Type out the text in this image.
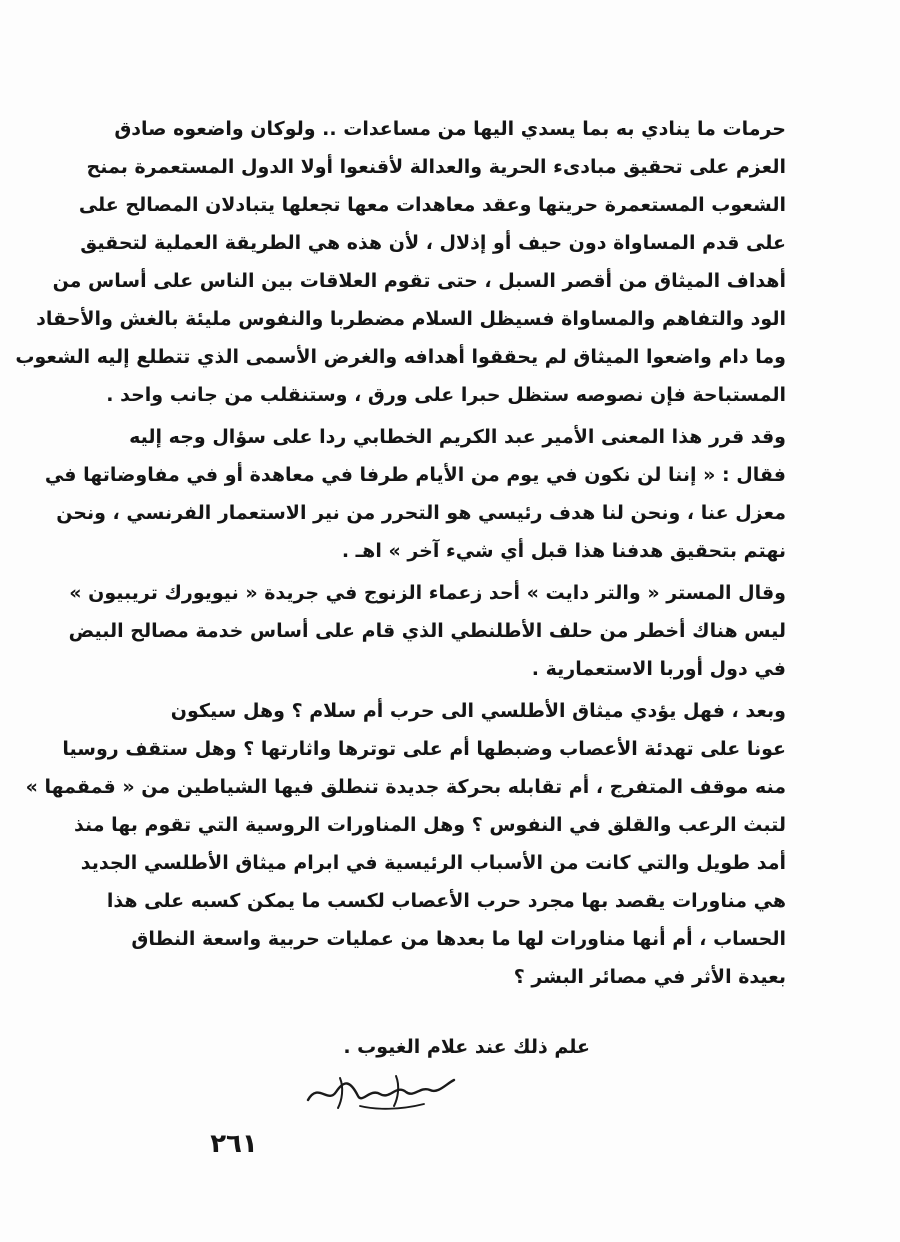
حرمات ما ينادي به بما يسدي اليها من مساعدات .. ولوكان واضعوه صادق
العزم على تحقيق مبادىء الحرية والعدالة لأقنعوا أولا الدول المستعمرة بمنح
الشعوب المستعمرة حريتها وعقد معاهدات معها تجعلها يتبادلان المصالح على
على قدم المساواة دون حيف أو إذلال ، لأن هذه هي الطريقة العملية لتحقيق
أهداف الميثاق من أقصر السبل ، حتى تقوم العلاقات بين الناس على أساس من
الود والتفاهم والمساواة فسيظل السلام مضطربا والنفوس مليئة بالغش والأحقاد
وما دام واضعوا الميثاق لم يحققوا أهدافه والغرض الأسمى الذي تتطلع إليه الشعوب
المستباحة فإن نصوصه ستظل حبرا على ورق ، وستنقلب من جانب واحد .
وقد قرر هذا المعنى الأمير عبد الكريم الخطابي ردا على سؤال وجه إليه
فقال : « إننا لن نكون في يوم من الأيام طرفا في معاهدة أو في مفاوضاتها في
معزل عنا ، ونحن لنا هدف رئيسي هو التحرر من نير الاستعمار الفرنسي ، ونحن
نهتم بتحقيق هدفنا هذا قبل أي شيء آخر » اهـ .
وقال المستر « والتر دايت » أحد زعماء الزنوج في جريدة « نيويورك تريبيون »
ليس هناك أخطر من حلف الأطلنطي الذي قام على أساس خدمة مصالح البيض
في دول أوربا الاستعمارية .
وبعد ، فهل يؤدي ميثاق الأطلسي الى حرب أم سلام ؟ وهل سيكون
عونا على تهدئة الأعصاب وضبطها أم على توترها واثارتها ؟ وهل ستقف روسيا
منه موقف المتفرج ، أم تقابله بحركة جديدة تنطلق فيها الشياطين من « قمقمها »
لتبث الرعب والقلق في النفوس ؟ وهل المناورات الروسية التي تقوم بها منذ
أمد طويل والتي كانت من الأسباب الرئيسية في ابرام ميثاق الأطلسي الجديد
هي مناورات يقصد بها مجرد حرب الأعصاب لكسب ما يمكن كسبه على هذا
الحساب ، أم أنها مناورات لها ما بعدها من عمليات حربية واسعة النطاق
بعيدة الأثر في مصائر البشر ؟
علم ذلك عند علام الغيوب .
٢٦١
